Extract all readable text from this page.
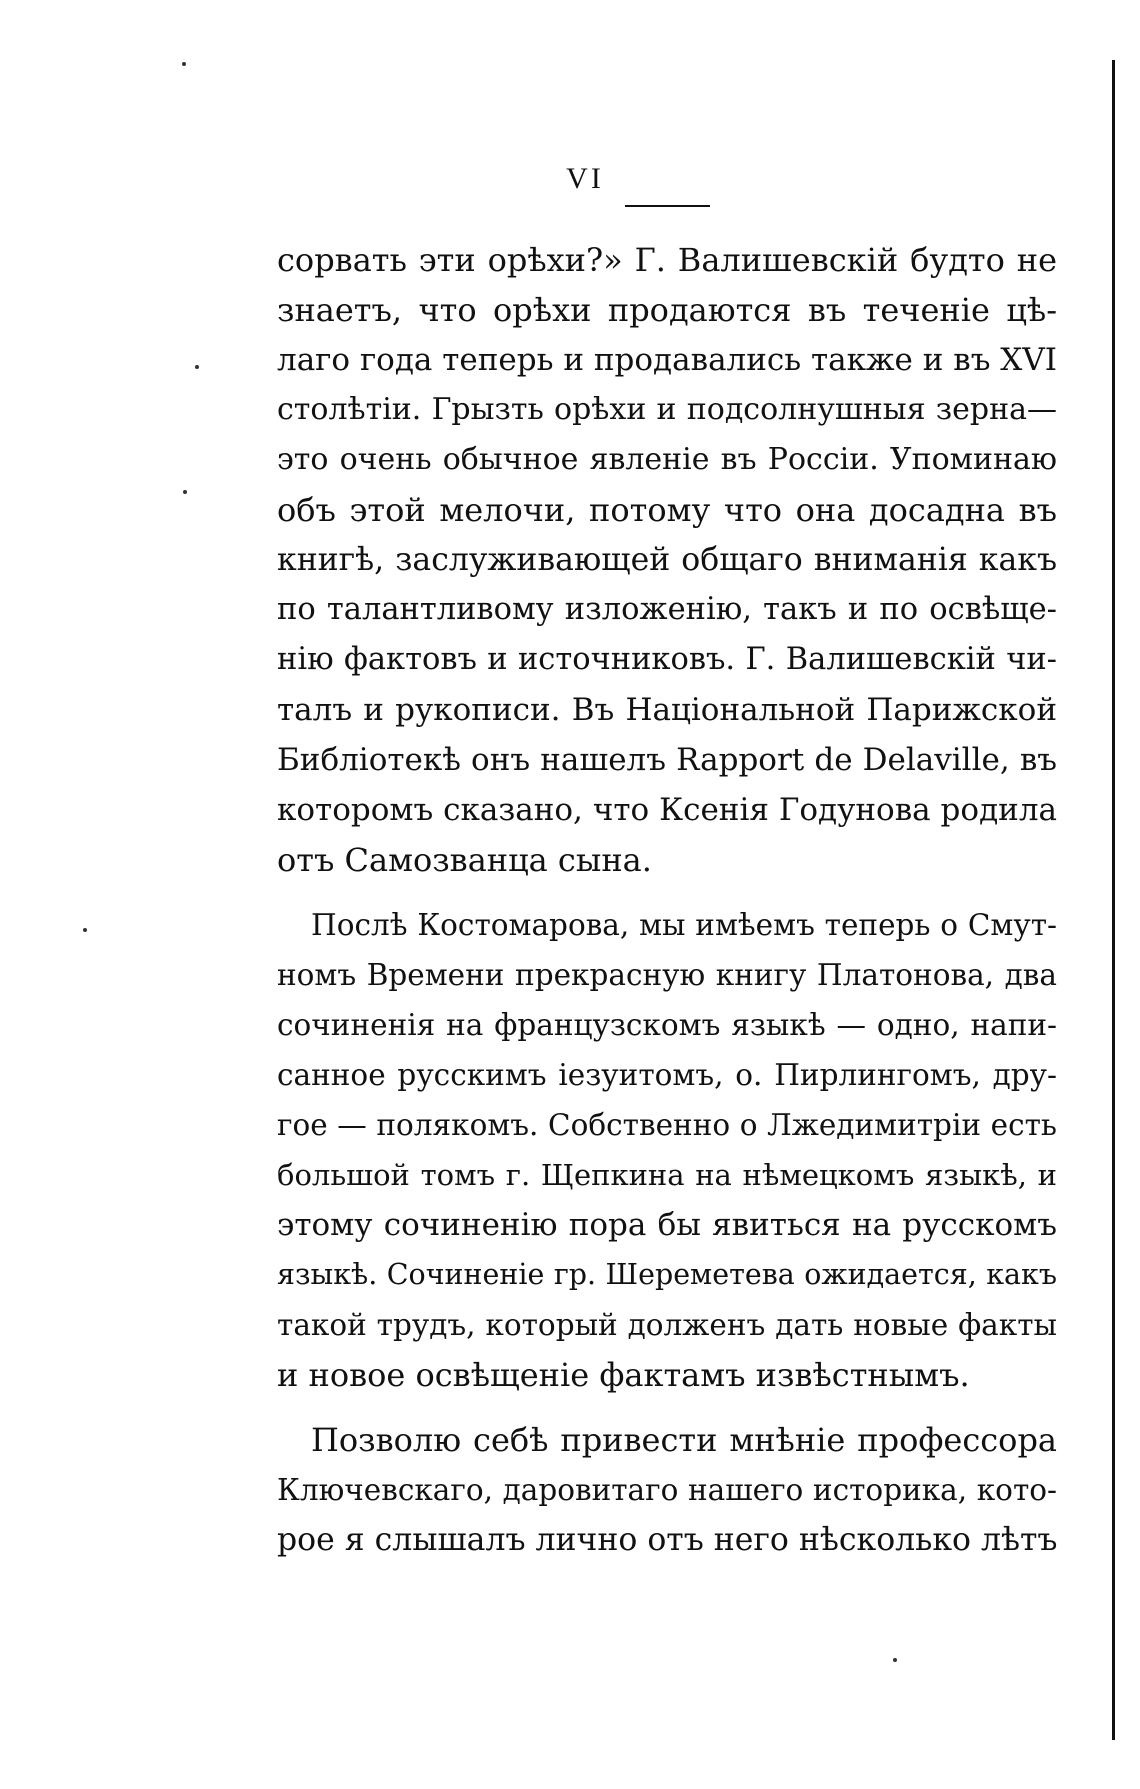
VI
сорвать эти орѣхи?» Г. Валишевскiй будто не
знаетъ, что орѣхи продаются въ теченiе цѣ-
лаго года теперь и продавались также и въ XVI
столѣтiи. Грызть орѣхи и подсолнушныя зерна—
это очень обычное явленiе въ Россiи. Упоминаю
объ этой мелочи, потому что она досадна въ
книгѣ, заслуживающей общаго вниманiя какъ
по талантливому изложенiю, такъ и по освѣще-
нiю фактовъ и источниковъ. Г. Валишевскiй чи-
талъ и рукописи. Въ Нацiональной Парижской
Библiотекѣ онъ нашелъ Rapport de Delaville, въ
которомъ сказано, что Ксенiя Годунова родила
отъ Самозванца сына.
Послѣ Костомарова, мы имѣемъ теперь о Смут-
номъ Времени прекрасную книгу Платонова, два
сочиненiя на французскомъ языкѣ — одно, напи-
санное русскимъ iезуитомъ, о. Пирлингомъ, дру-
гое — полякомъ. Собственно о Лжедимитрiи есть
большой томъ г. Щепкина на нѣмецкомъ языкѣ, и
этому сочиненiю пора бы явиться на русскомъ
языкѣ. Сочиненiе гр. Шереметева ожидается, какъ
такой трудъ, который долженъ дать новые факты
и новое освѣщенiе фактамъ извѣстнымъ.
Позволю себѣ привести мнѣнiе профессора
Ключевскаго, даровитаго нашего историка, кото-
рое я слышалъ лично отъ него нѣсколько лѣтъ
